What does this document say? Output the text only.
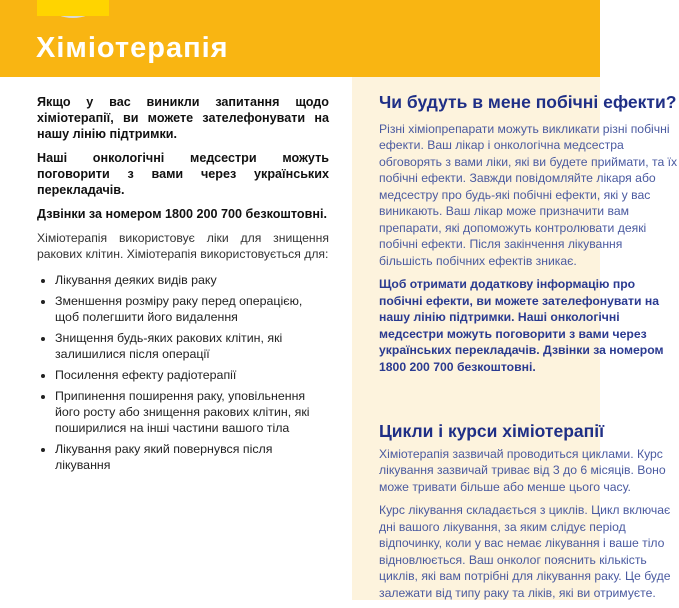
Хіміотерапія

Якщо у вас виникли запитання щодо хіміотерапії, ви можете зателефонувати на нашу лінію підтримки.

Наші онкологічні медсестри можуть поговорити з вами через українських перекладачів.

Дзвінки за номером 1800 200 700 безкоштовні.

Хіміотерапія використовує ліки для знищення ракових клітин. Хіміотерапія використовується для:

• Лікування деяких видів раку
• Зменшення розміру раку перед операцією, щоб полегшити його видалення
• Знищення будь-яких ракових клітин, які залишилися після операції
• Посилення ефекту радіотерапії
• Припинення поширення раку, уповільнення його росту або знищення ракових клітин, які поширилися на інші частини вашого тіла
• Лікування раку який повернувся після лікування
Чи будуть в мене побічні ефекти?

Різні хіміопрепарати можуть викликати різні побічні ефекти. Ваш лікар і онкологічна медсестра обговорять з вами ліки, які ви будете приймати, та їх побічні ефекти. Завжди повідомляйте лікаря або медсестру про будь-які побічні ефекти, які у вас виникають. Ваш лікар може призначити вам препарати, які допоможуть контролювати деякі побічні ефекти. Після закінчення лікування більшість побічних ефектів зникає.

Щоб отримати додаткову інформацію про побічні ефекти, ви можете зателефонувати на нашу лінію підтримки. Наші онкологічні медсестри можуть поговорити з вами через українських перекладачів. Дзвінки за номером 1800 200 700 безкоштовні.

Цикли і курси хіміотерапії

Хіміотерапія зазвичай проводиться циклами. Курс лікування зазвичай триває від 3 до 6 місяців. Воно може тривати більше або менше цього часу.

Курс лікування складається з циклів. Цикл включає дні вашого лікування, за яким слідує період відпочинку, коли у вас немає лікування і ваше тіло відновлюється. Ваш онколог пояснить кількість циклів, які вам потрібні для лікування раку. Це буде залежати від типу раку та ліків, які ви отримуєте.
